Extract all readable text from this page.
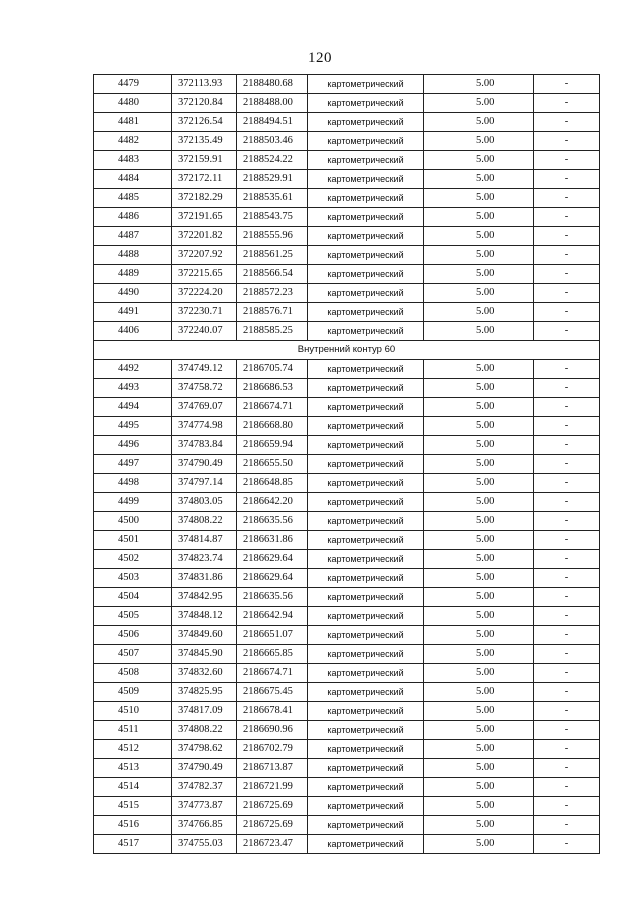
120
4479	372113.93	2188480.68	картометрический	5.00	-
4480	372120.84	2188488.00	картометрический	5.00	-
4481	372126.54	2188494.51	картометрический	5.00	-
4482	372135.49	2188503.46	картометрический	5.00	-
4483	372159.91	2188524.22	картометрический	5.00	-
4484	372172.11	2188529.91	картометрический	5.00	-
4485	372182.29	2188535.61	картометрический	5.00	-
4486	372191.65	2188543.75	картометрический	5.00	-
4487	372201.82	2188555.96	картометрический	5.00	-
4488	372207.92	2188561.25	картометрический	5.00	-
4489	372215.65	2188566.54	картометрический	5.00	-
4490	372224.20	2188572.23	картометрический	5.00	-
4491	372230.71	2188576.71	картометрический	5.00	-
4406	372240.07	2188585.25	картометрический	5.00	-
Внутренний контур 60					
4492	374749.12	2186705.74	картометрический	5.00	-
4493	374758.72	2186686.53	картометрический	5.00	-
4494	374769.07	2186674.71	картометрический	5.00	-
4495	374774.98	2186668.80	картометрический	5.00	-
4496	374783.84	2186659.94	картометрический	5.00	-
4497	374790.49	2186655.50	картометрический	5.00	-
4498	374797.14	2186648.85	картометрический	5.00	-
4499	374803.05	2186642.20	картометрический	5.00	-
4500	374808.22	2186635.56	картометрический	5.00	-
4501	374814.87	2186631.86	картометрический	5.00	-
4502	374823.74	2186629.64	картометрический	5.00	-
4503	374831.86	2186629.64	картометрический	5.00	-
4504	374842.95	2186635.56	картометрический	5.00	-
4505	374848.12	2186642.94	картометрический	5.00	-
4506	374849.60	2186651.07	картометрический	5.00	-
4507	374845.90	2186665.85	картометрический	5.00	-
4508	374832.60	2186674.71	картометрический	5.00	-
4509	374825.95	2186675.45	картометрический	5.00	-
4510	374817.09	2186678.41	картометрический	5.00	-
4511	374808.22	2186690.96	картометрический	5.00	-
4512	374798.62	2186702.79	картометрический	5.00	-
4513	374790.49	2186713.87	картометрический	5.00	-
4514	374782.37	2186721.99	картометрический	5.00	-
4515	374773.87	2186725.69	картометрический	5.00	-
4516	374766.85	2186725.69	картометрический	5.00	-
4517	374755.03	2186723.47	картометрический	5.00	-
